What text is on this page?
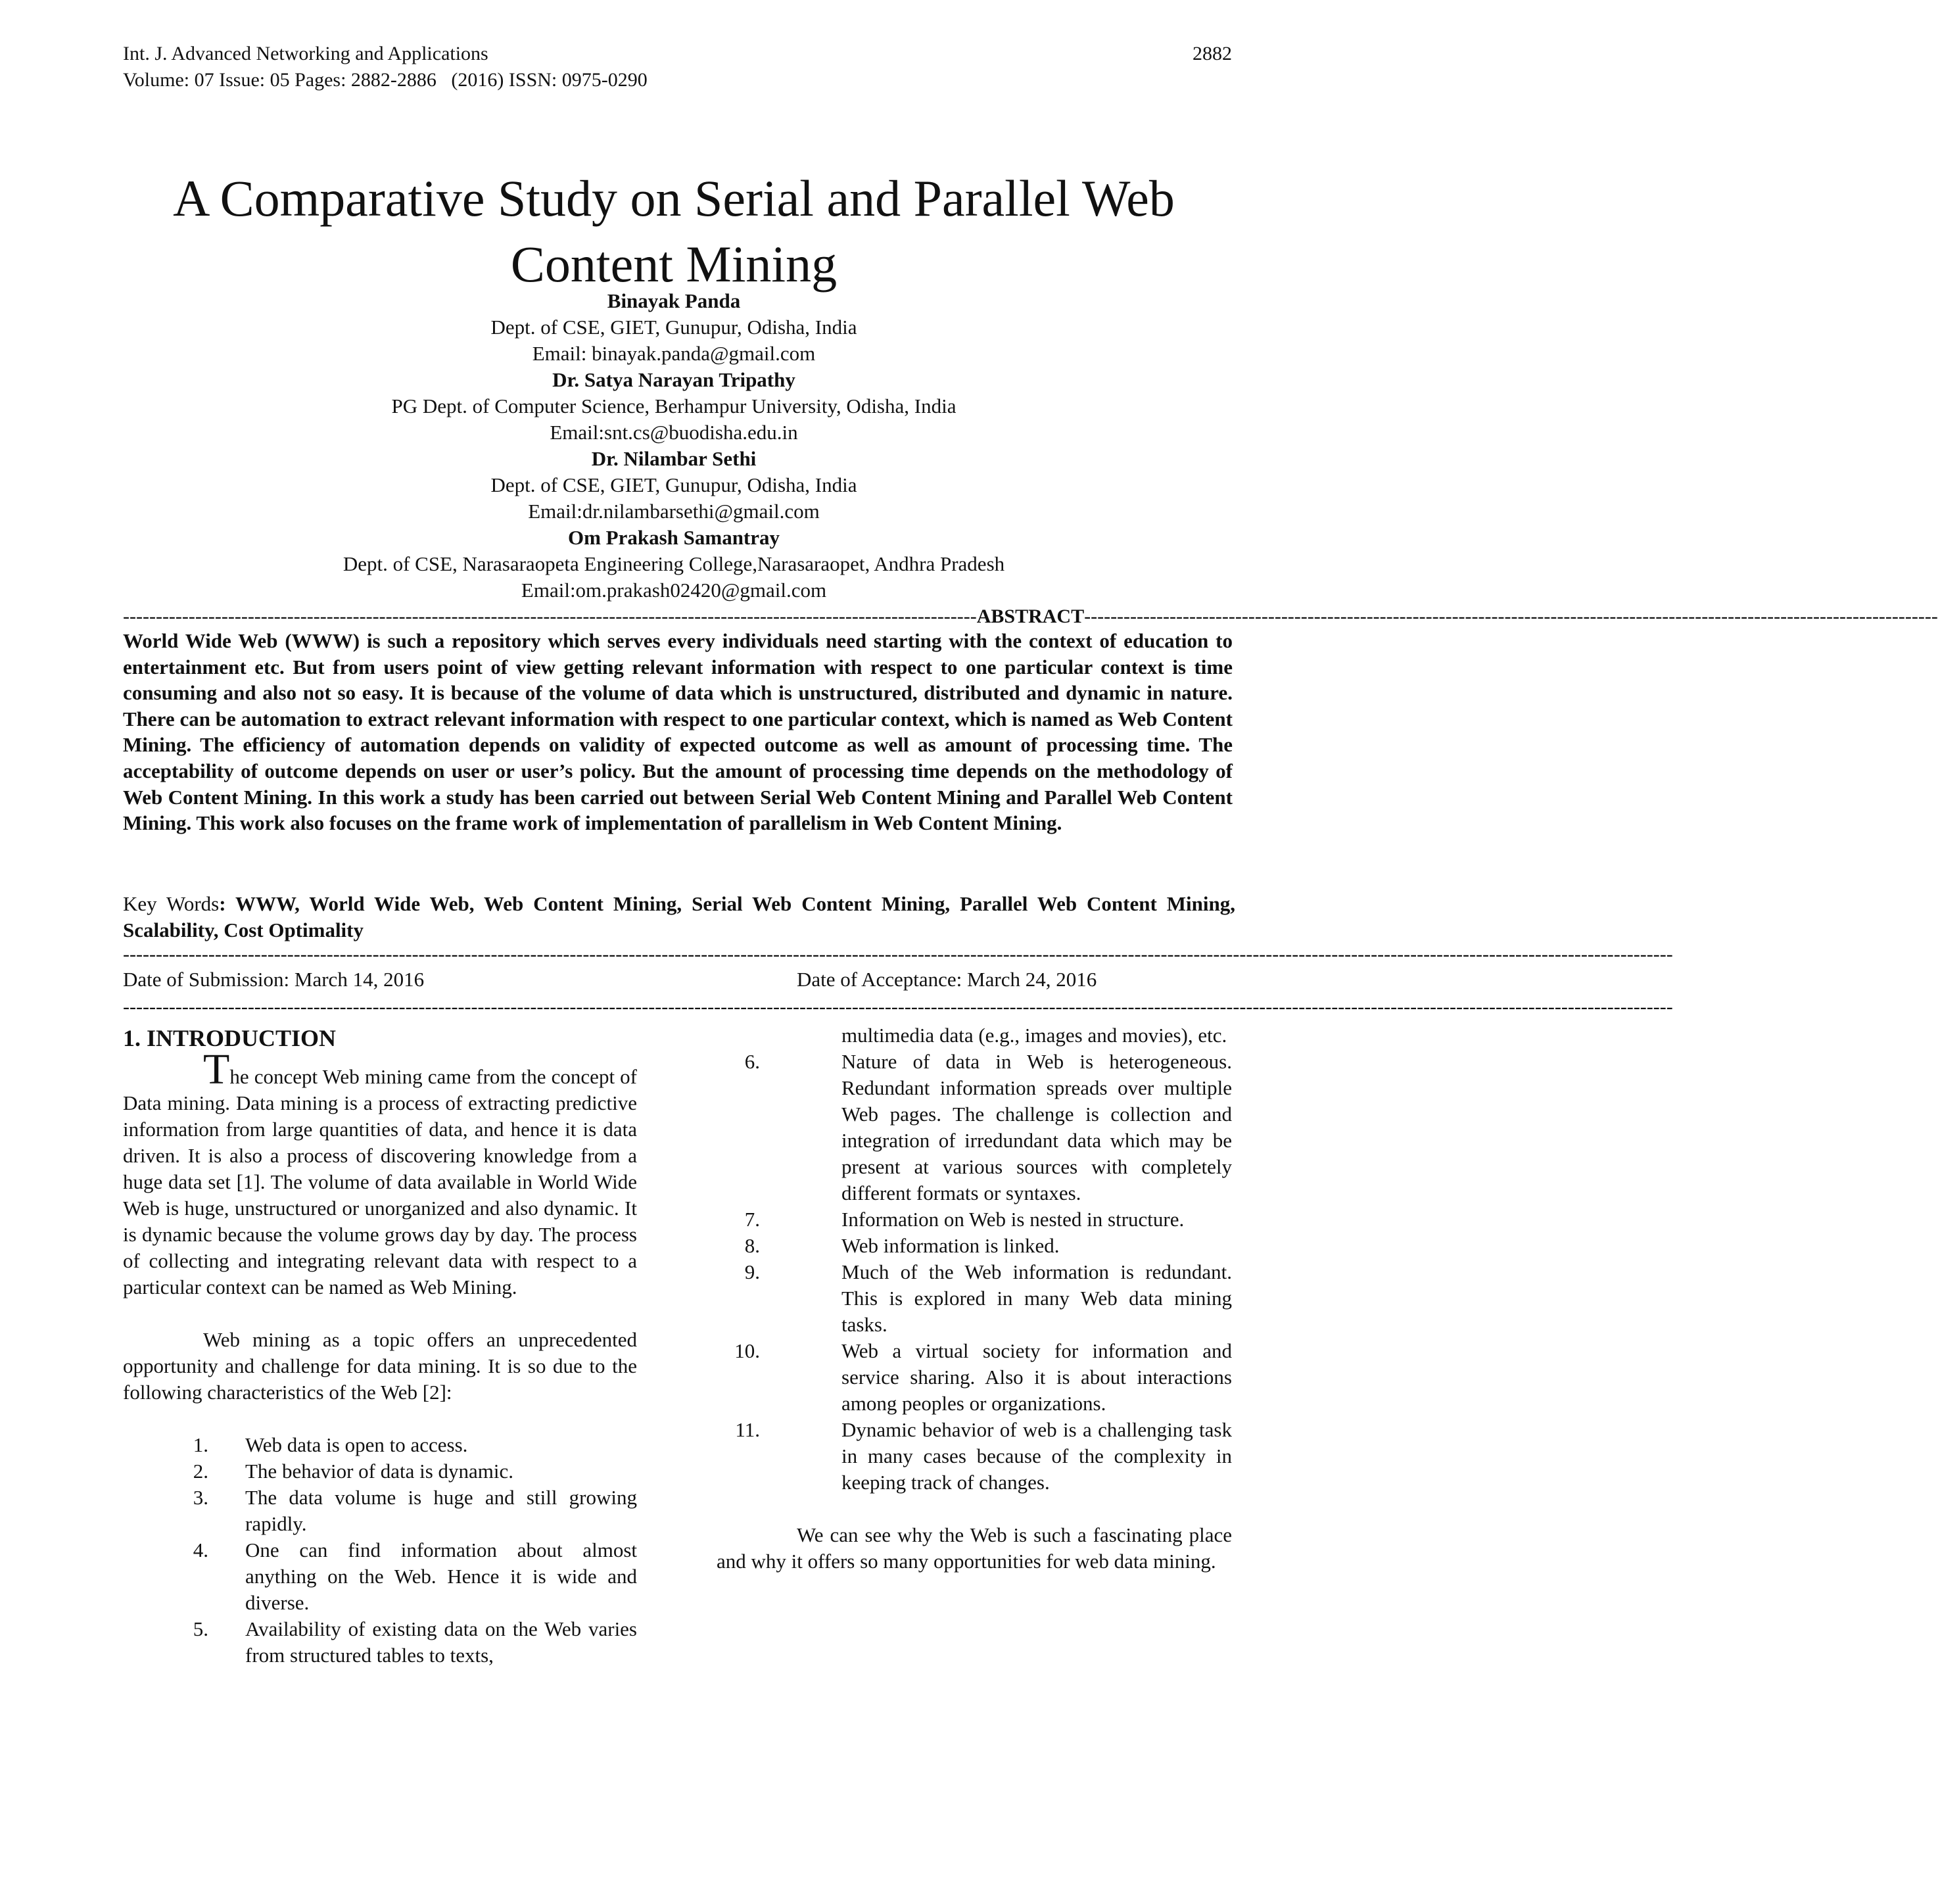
Int. J. Advanced Networking and Applications
Volume: 07 Issue: 05 Pages: 2882-2886   (2016) ISSN: 0975-0290
2882
A Comparative Study on Serial and Parallel Web Content Mining
Binayak Panda
Dept. of CSE, GIET, Gunupur, Odisha, India
Email: binayak.panda@gmail.com
Dr. Satya Narayan Tripathy
PG Dept. of Computer Science, Berhampur University, Odisha, India
Email:snt.cs@buodisha.edu.in
Dr. Nilambar Sethi
Dept. of CSE, GIET, Gunupur, Odisha, India
Email:dr.nilambarsethi@gmail.com
Om Prakash Samantray
Dept. of CSE, Narasaraopeta Engineering College,Narasaraopet, Andhra Pradesh
Email:om.prakash02420@gmail.com
---------------------------------------------------------------------------------------------------------------------------------- ABSTRACT ----------------------------------------------------------------------------------------------------------------------------------
World Wide Web (WWW) is such a repository which serves every individuals need starting with the context of education to entertainment etc. But from users point of view getting relevant information with respect to one particular context is time consuming and also not so easy. It is because of the volume of data which is unstructured, distributed and dynamic in nature. There can be automation to extract relevant information with respect to one particular context, which is named as Web Content Mining. The efficiency of automation depends on validity of expected outcome as well as amount of processing time. The acceptability of outcome depends on user or user’s policy. But the amount of processing time depends on the methodology of Web Content Mining. In this work a study has been carried out between Serial Web Content Mining and Parallel Web Content Mining. This work also focuses on the frame work of implementation of parallelism in Web Content Mining.
Key Words: WWW, World Wide Web, Web Content Mining, Serial Web Content Mining, Parallel Web Content Mining, Scalability, Cost Optimality
--------------------------------------------------------------------------------------------------------------------------------------------------------------------------------------------------------------------------------------------
Date of Submission: March 14, 2016	Date of Acceptance: March 24, 2016
--------------------------------------------------------------------------------------------------------------------------------------------------------------------------------------------------------------------------------------------
1. INTRODUCTION

The concept Web mining came from the concept of Data mining. Data mining is a process of extracting predictive information from large quantities of data, and hence it is data driven. It is also a process of discovering knowledge from a huge data set [1]. The volume of data available in World Wide Web is huge, unstructured or unorganized and also dynamic. It is dynamic because the volume grows day by day. The process of collecting and integrating relevant data with respect to a particular context can be named as Web Mining.

Web mining as a topic offers an unprecedented opportunity and challenge for data mining. It is so due to the following characteristics of the Web [2]:

1. Web data is open to access.
2. The behavior of data is dynamic.
3. The data volume is huge and still growing rapidly.
4. One can find information about almost anything on the Web. Hence it is wide and diverse.
5. Availability of existing data on the Web varies from structured tables to texts,
multimedia data (e.g., images and movies), etc.
6.	Nature of data in Web is heterogeneous. Redundant information spreads over multiple Web pages. The challenge is collection and integration of irredundant data which may be present at various sources with completely different formats or syntaxes.
7.	Information on Web is nested in structure.
8.	Web information is linked.
9.	Much of the Web information is redundant. This is explored in many Web data mining tasks.
10.	Web a virtual society for information and service sharing. Also it is about interactions among peoples or organizations.
11.	Dynamic behavior of web is a challenging task in many cases because of the complexity in keeping track of changes.

We can see why the Web is such a fascinating place and why it offers so many opportunities for web data mining.
